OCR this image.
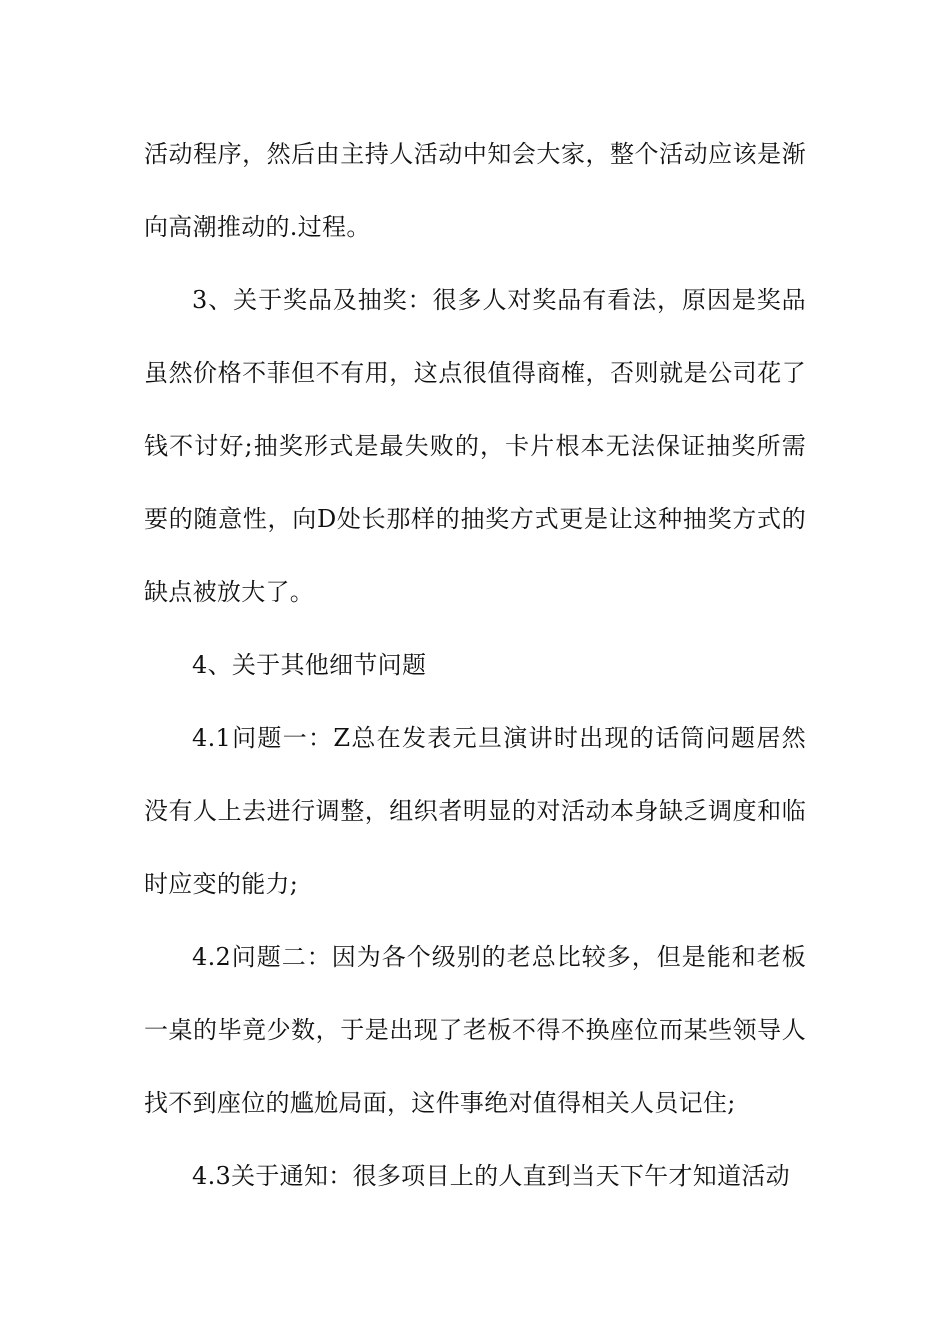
活动程序，然后由主持人活动中知会大家，整个活动应该是渐向高潮推动的.过程。

3、关于奖品及抽奖：很多人对奖品有看法，原因是奖品虽然价格不菲但不有用，这点很值得商榷，否则就是公司花了钱不讨好;抽奖形式是最失败的，卡片根本无法保证抽奖所需要的随意性，向D处长那样的抽奖方式更是让这种抽奖方式的缺点被放大了。

4、关于其他细节问题

4.1问题一：Z总在发表元旦演讲时出现的话筒问题居然没有人上去进行调整，组织者明显的对活动本身缺乏调度和临时应变的能力;

4.2问题二：因为各个级别的老总比较多，但是能和老板一桌的毕竟少数，于是出现了老板不得不换座位而某些领导人找不到座位的尴尬局面，这件事绝对值得相关人员记住;

4.3关于通知：很多项目上的人直到当天下午才知道活动
